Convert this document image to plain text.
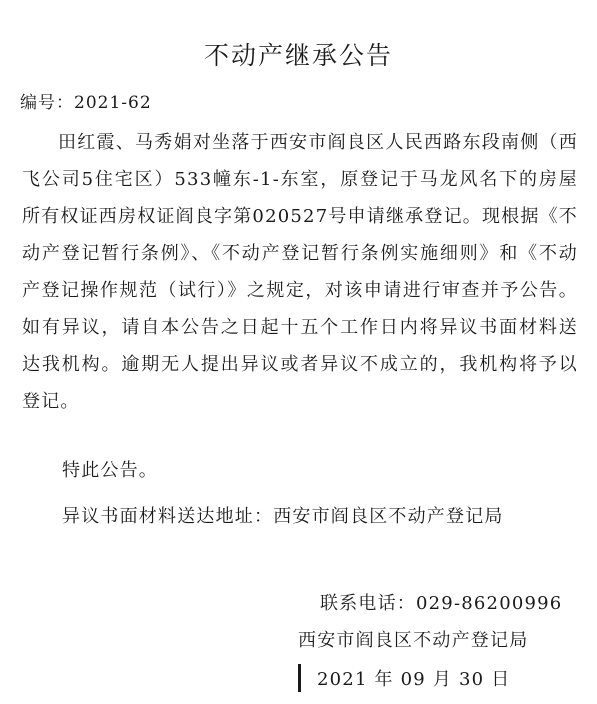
不动产继承公告
编号：2021-62
田红霞、马秀娟对坐落于西安市阎良区人民西路东段南侧（西飞公司5住宅区）533幢东-1-东室，原登记于马龙风名下的房屋所有权证西房权证阎良字第020527号申请继承登记。现根据《不动产登记暂行条例》、《不动产登记暂行条例实施细则》和《不动产登记操作规范（试行）》之规定，对该申请进行审查并予公告。如有异议，请自本公告之日起十五个工作日内将异议书面材料送达我机构。逾期无人提出异议或者异议不成立的，我机构将予以登记。
特此公告。
异议书面材料送达地址：西安市阎良区不动产登记局
联系电话：029-86200996
西安市阎良区不动产登记局
2021 年 09 月 30 日
